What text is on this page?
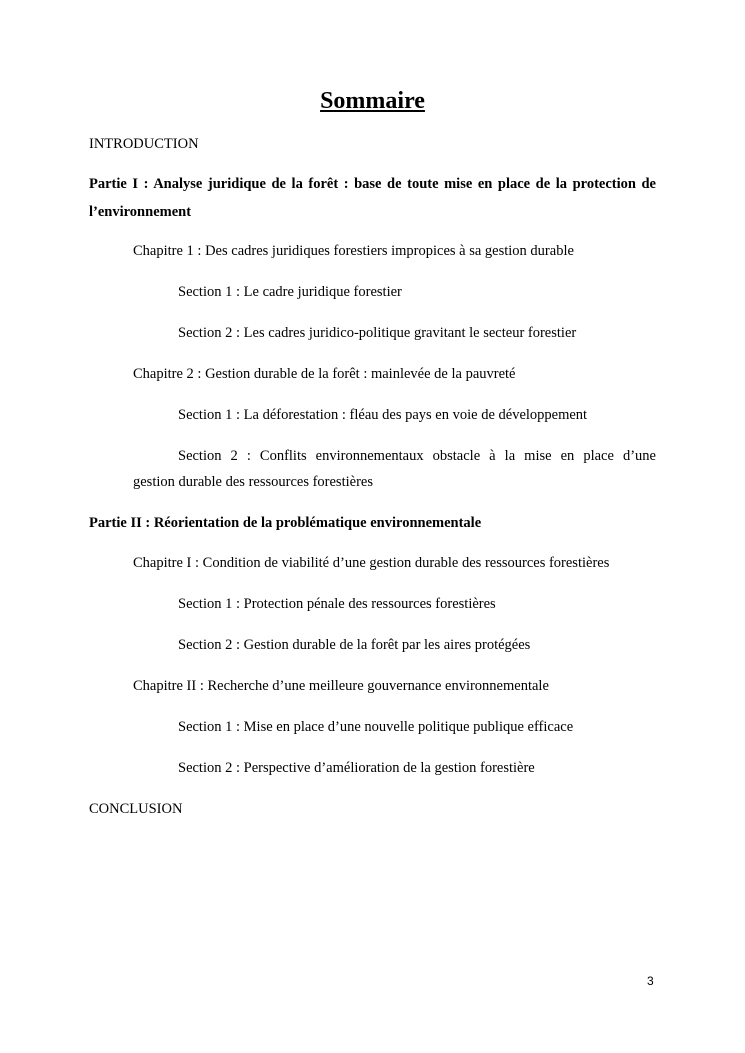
Sommaire
INTRODUCTION
Partie I : Analyse juridique de la forêt : base de toute mise en place de la protection de
l’environnement
Chapitre 1 : Des cadres juridiques forestiers impropices à sa gestion durable
Section 1 : Le cadre juridique forestier
Section 2 : Les cadres juridico-politique gravitant le secteur forestier
Chapitre 2 : Gestion durable de la forêt : mainlevée de la pauvreté
Section 1 : La déforestation : fléau des pays en voie de développement
Section 2 : Conflits environnementaux obstacle à la mise en place d’une
gestion durable des ressources forestières
Partie II : Réorientation de la problématique environnementale
Chapitre I : Condition de viabilité d’une gestion durable des ressources forestières
Section 1 : Protection pénale des ressources forestières
Section 2 : Gestion durable de la forêt par les aires protégées
Chapitre II : Recherche d’une meilleure gouvernance environnementale
Section 1 : Mise en place d’une nouvelle politique publique efficace
Section 2 : Perspective d’amélioration de la gestion forestière
CONCLUSION
3
